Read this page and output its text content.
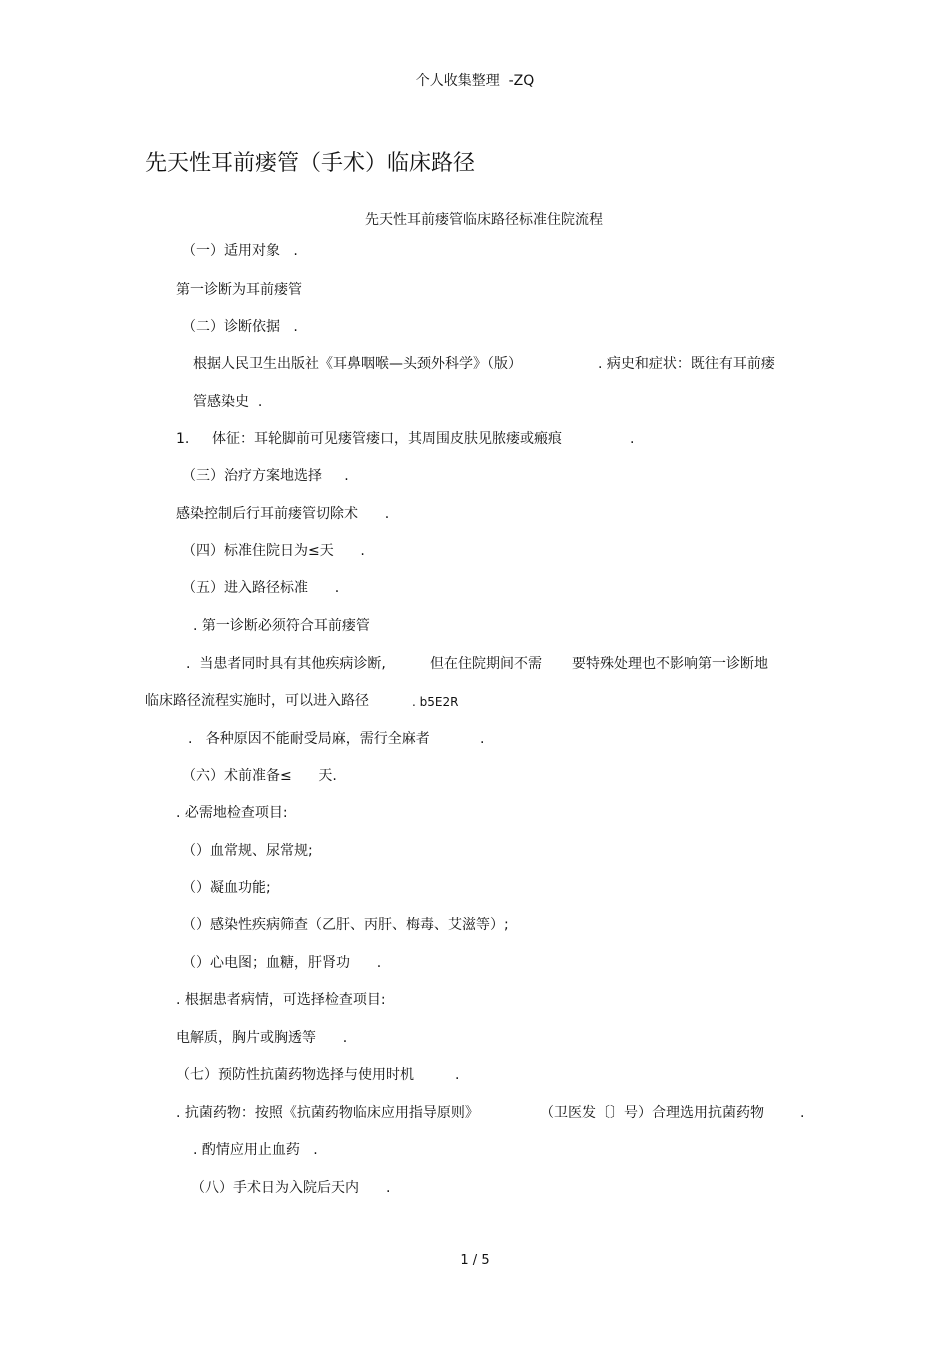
个人收集整理  -ZQ
先天性耳前瘘管（手术）临床路径
先天性耳前瘘管临床路径标准住院流程
（一）适用对象   .
第一诊断为耳前瘘管
（二）诊断依据   .
根据人民卫生出版社《耳鼻咽喉—头颈外科学》（版）	. 病史和症状：既往有耳前瘘
管感染史  .
1. 体征：耳轮脚前可见瘘管瘘口，其周围皮肤见脓瘘或瘢痕	.
（三）治疗方案地选择     .
感染控制后行耳前瘘管切除术      .
（四）标准住院日为≤天      .
（五）进入路径标准      .
. 第一诊断必须符合耳前瘘管
.  当患者同时具有其他疾病诊断,	但在住院期间不需 要特殊处理也不影响第一诊断地
临床路径流程实施时，可以进入路径	. b5E2R
.   各种原因不能耐受局麻，需行全麻者	.
（六）术前准备≤      天.
. 必需地检查项目:
（）血常规、尿常规;
（）凝血功能;
（）感染性疾病筛查（乙肝、丙肝、梅毒、艾滋等）;
（）心电图；血糖，肝肾功      .
. 根据患者病情，可选择检查项目:
电解质，胸片或胸透等      .
（七）预防性抗菌药物选择与使用时机	.
. 抗菌药物：按照《抗菌药物临床应用指导原则》	（卫医发〔〕号）合理选用抗菌药物	.
. 酌情应用止血药   .
（八）手术日为入院后天内 .
1 / 5
